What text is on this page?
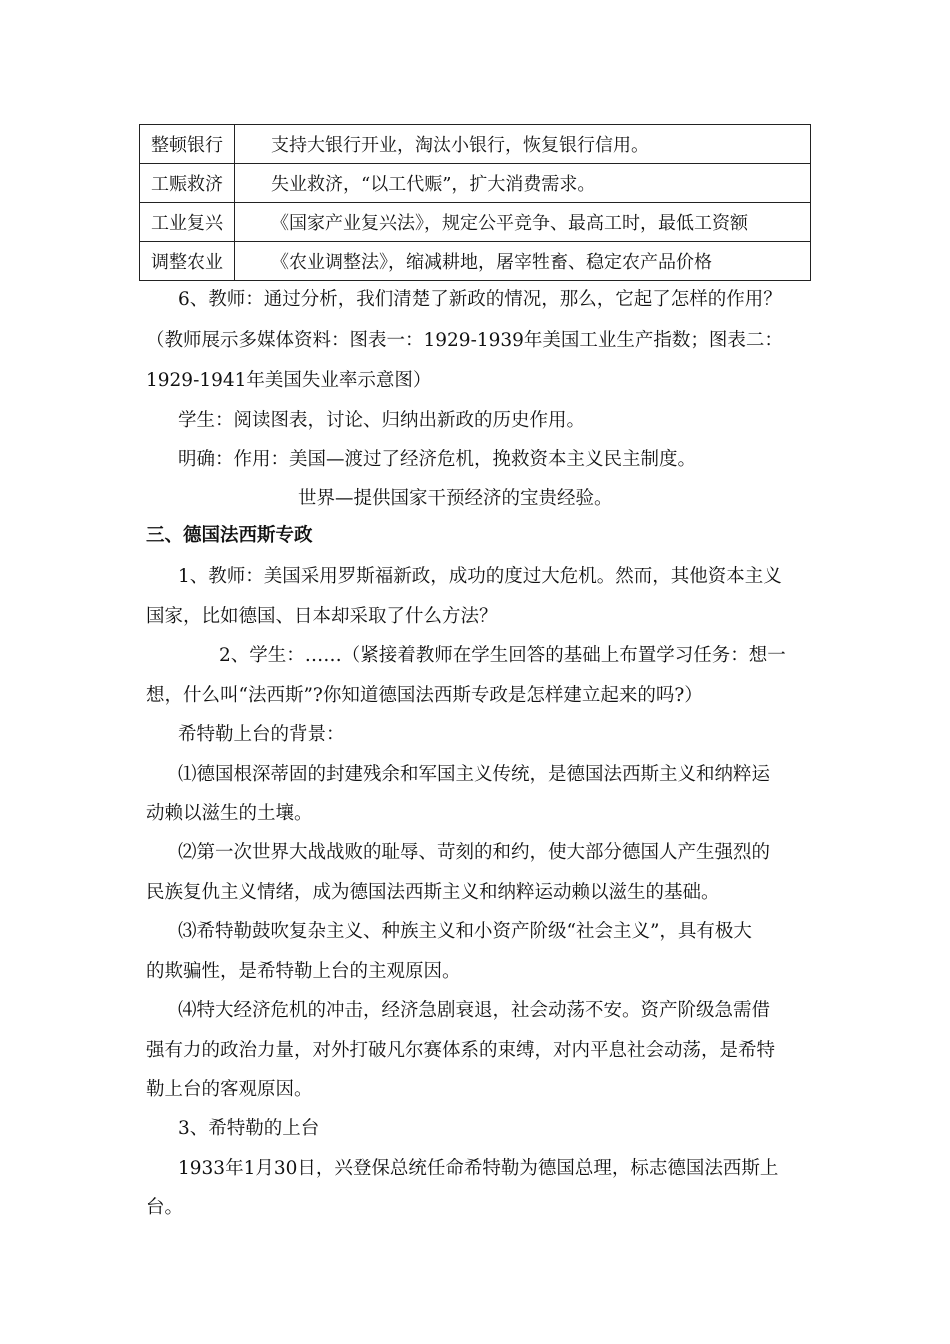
整顿银行	支持大银行开业，淘汰小银行，恢复银行信用。
工赈救济	失业救济，“以工代赈”，扩大消费需求。
工业复兴	《国家产业复兴法》，规定公平竞争、最高工时，最低工资额
调整农业	《农业调整法》，缩减耕地，屠宰牲畜、稳定农产品价格
6、教师：通过分析，我们清楚了新政的情况，那么，它起了怎样的作用？
（教师展示多媒体资料：图表一：1929-1939年美国工业生产指数；图表二：
1929-1941年美国失业率示意图）
学生：阅读图表，讨论、归纳出新政的历史作用。
明确：作用：美国—渡过了经济危机，挽救资本主义民主制度。
世界—提供国家干预经济的宝贵经验。
三、德国法西斯专政
1、教师：美国采用罗斯福新政，成功的度过大危机。然而，其他资本主义
国家，比如德国、日本却采取了什么方法？
2、学生：……（紧接着教师在学生回答的基础上布置学习任务：想一
想，什么叫“法西斯”?你知道德国法西斯专政是怎样建立起来的吗?）
希特勒上台的背景：
⑴德国根深蒂固的封建残余和军国主义传统，是德国法西斯主义和纳粹运
动赖以滋生的土壤。
⑵第一次世界大战战败的耻辱、苛刻的和约，使大部分德国人产生强烈的
民族复仇主义情绪，成为德国法西斯主义和纳粹运动赖以滋生的基础。
⑶希特勒鼓吹复杂主义、种族主义和小资产阶级“社会主义”，具有极大
的欺骗性，是希特勒上台的主观原因。
⑷特大经济危机的冲击，经济急剧衰退，社会动荡不安。资产阶级急需借
强有力的政治力量，对外打破凡尔赛体系的束缚，对内平息社会动荡，是希特
勒上台的客观原因。
3、希特勒的上台
1933年1月30日，兴登保总统任命希特勒为德国总理，标志德国法西斯上
台。
